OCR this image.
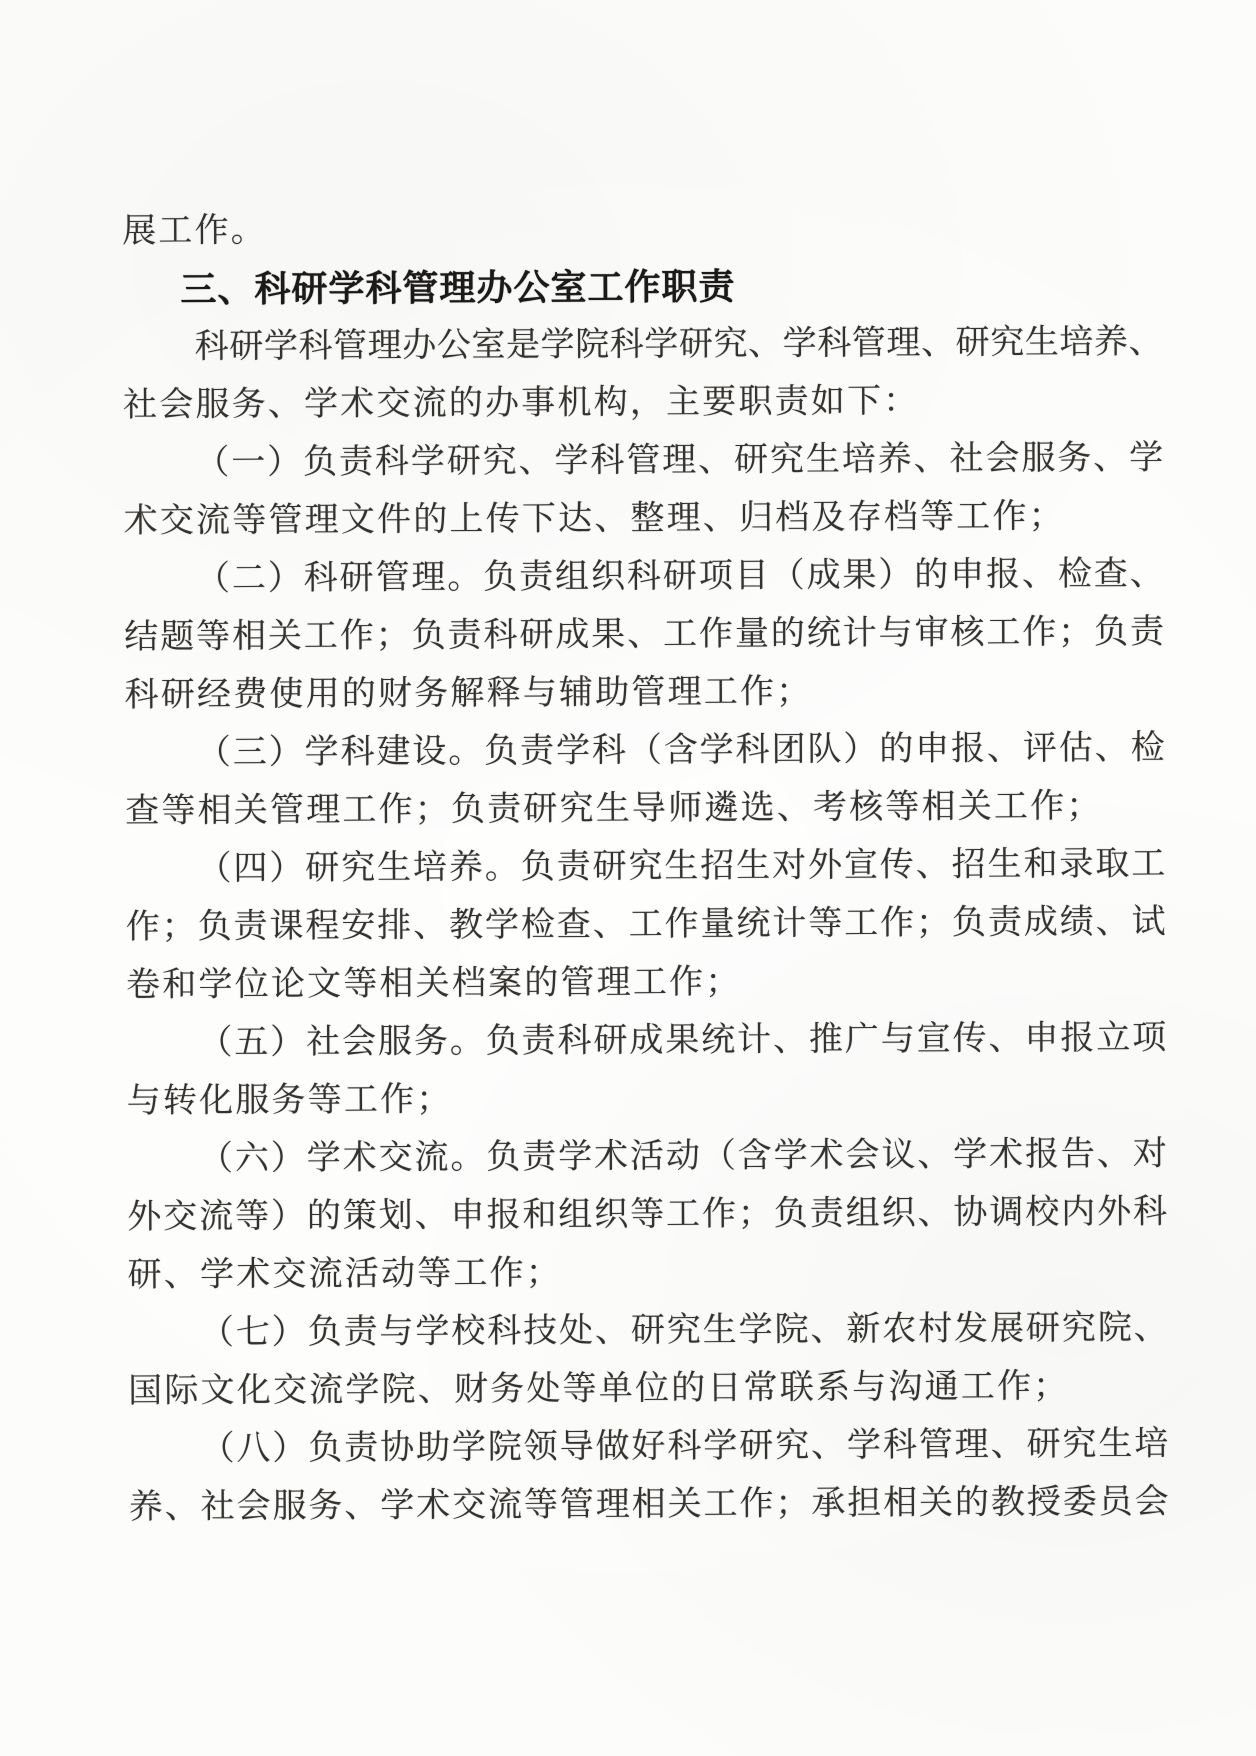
展工作。
三、科研学科管理办公室工作职责
科研学科管理办公室是学院科学研究、学科管理、研究生培养、
社会服务、学术交流的办事机构，主要职责如下：
（一）负责科学研究、学科管理、研究生培养、社会服务、学
术交流等管理文件的上传下达、整理、归档及存档等工作；
（二）科研管理。负责组织科研项目（成果）的申报、检查、
结题等相关工作；负责科研成果、工作量的统计与审核工作；负责
科研经费使用的财务解释与辅助管理工作；
（三）学科建设。负责学科（含学科团队）的申报、评估、检
查等相关管理工作；负责研究生导师遴选、考核等相关工作；
（四）研究生培养。负责研究生招生对外宣传、招生和录取工
作；负责课程安排、教学检查、工作量统计等工作；负责成绩、试
卷和学位论文等相关档案的管理工作；
（五）社会服务。负责科研成果统计、推广与宣传、申报立项
与转化服务等工作；
（六）学术交流。负责学术活动（含学术会议、学术报告、对
外交流等）的策划、申报和组织等工作；负责组织、协调校内外科
研、学术交流活动等工作；
（七）负责与学校科技处、研究生学院、新农村发展研究院、
国际文化交流学院、财务处等单位的日常联系与沟通工作；
（八）负责协助学院领导做好科学研究、学科管理、研究生培
养、社会服务、学术交流等管理相关工作；承担相关的教授委员会
